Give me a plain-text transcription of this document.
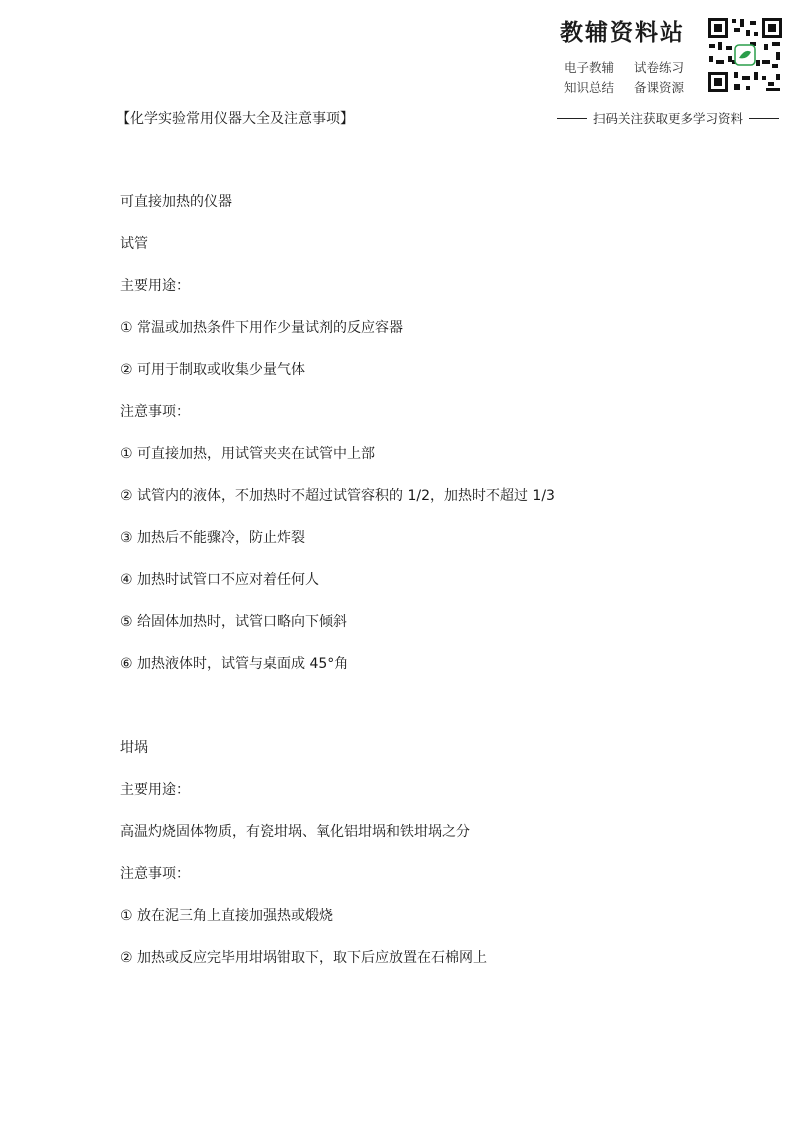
教辅资料站
电子教辅	试卷练习
知识总结	备课资源
扫码关注获取更多学习资料
【化学实验常用仪器大全及注意事项】
可直接加热的仪器
试管
主要用途：
① 常温或加热条件下用作少量试剂的反应容器
② 可用于制取或收集少量气体
注意事项：
① 可直接加热，用试管夹夹在试管中上部
② 试管内的液体，不加热时不超过试管容积的 1/2，加热时不超过 1/3
③ 加热后不能骤冷，防止炸裂
④ 加热时试管口不应对着任何人
⑤ 给固体加热时，试管口略向下倾斜
⑥ 加热液体时，试管与桌面成 45°角
坩埚
主要用途：
高温灼烧固体物质，有瓷坩埚、氧化铝坩埚和铁坩埚之分
注意事项：
① 放在泥三角上直接加强热或煅烧
② 加热或反应完毕用坩埚钳取下，取下后应放置在石棉网上
